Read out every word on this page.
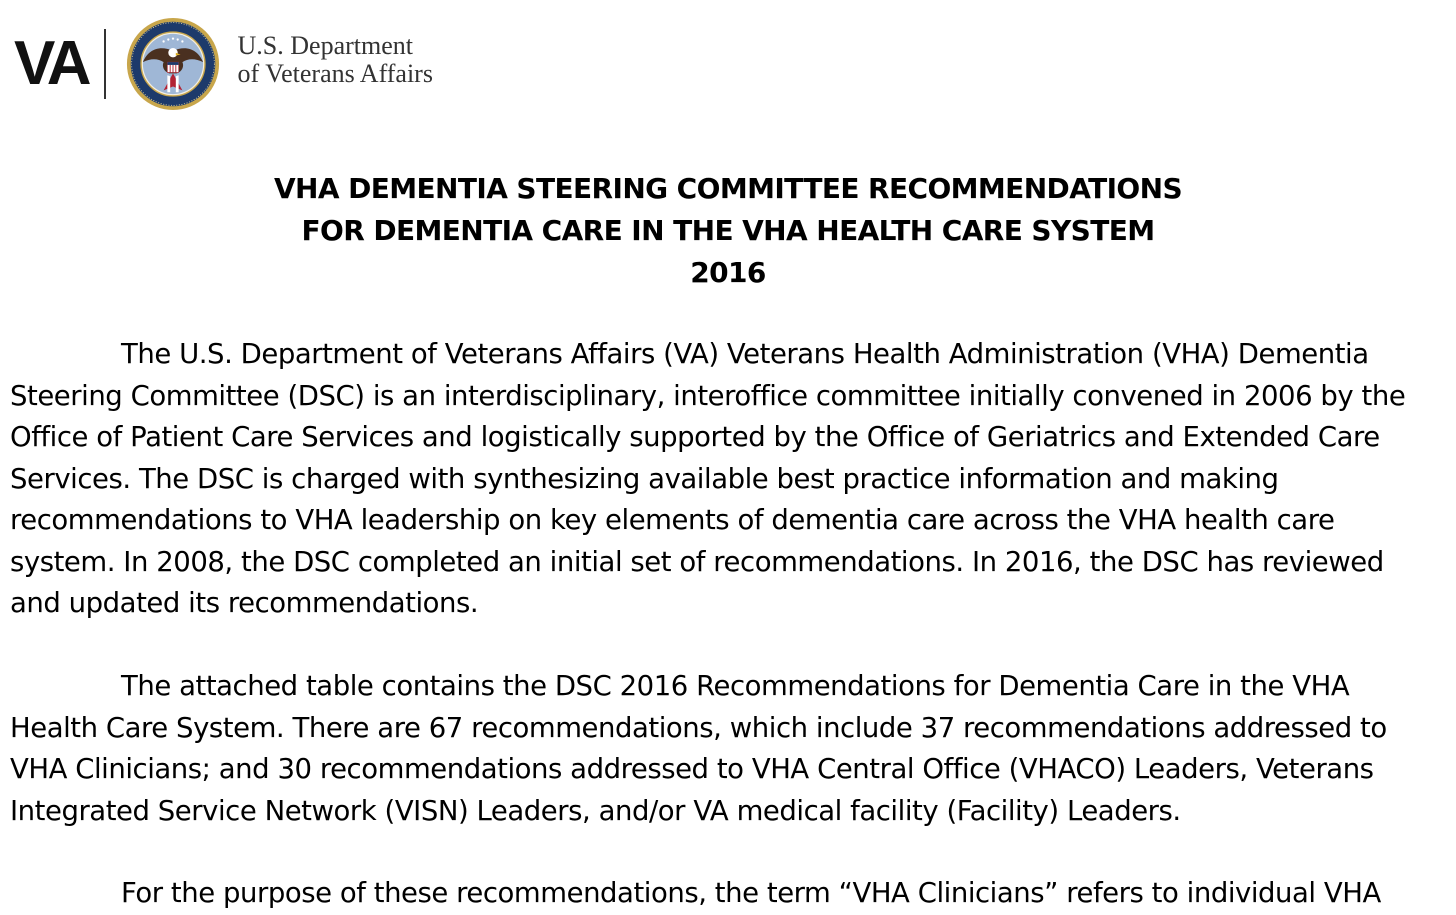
VA	U.S. Department
of Veterans Affairs
VHA DEMENTIA STEERING COMMITTEE RECOMMENDATIONS
FOR DEMENTIA CARE IN THE VHA HEALTH CARE SYSTEM
2016
The U.S. Department of Veterans Affairs (VA) Veterans Health Administration (VHA) Dementia
Steering Committee (DSC) is an interdisciplinary, interoffice committee initially convened in 2006 by the
Office of Patient Care Services and logistically supported by the Office of Geriatrics and Extended Care
Services. The DSC is charged with synthesizing available best practice information and making
recommendations to VHA leadership on key elements of dementia care across the VHA health care
system. In 2008, the DSC completed an initial set of recommendations. In 2016, the DSC has reviewed
and updated its recommendations.
The attached table contains the DSC 2016 Recommendations for Dementia Care in the VHA
Health Care System. There are 67 recommendations, which include 37 recommendations addressed to
VHA Clinicians; and 30 recommendations addressed to VHA Central Office (VHACO) Leaders, Veterans
Integrated Service Network (VISN) Leaders, and/or VA medical facility (Facility) Leaders.
For the purpose of these recommendations, the term “VHA Clinicians” refers to individual VHA
